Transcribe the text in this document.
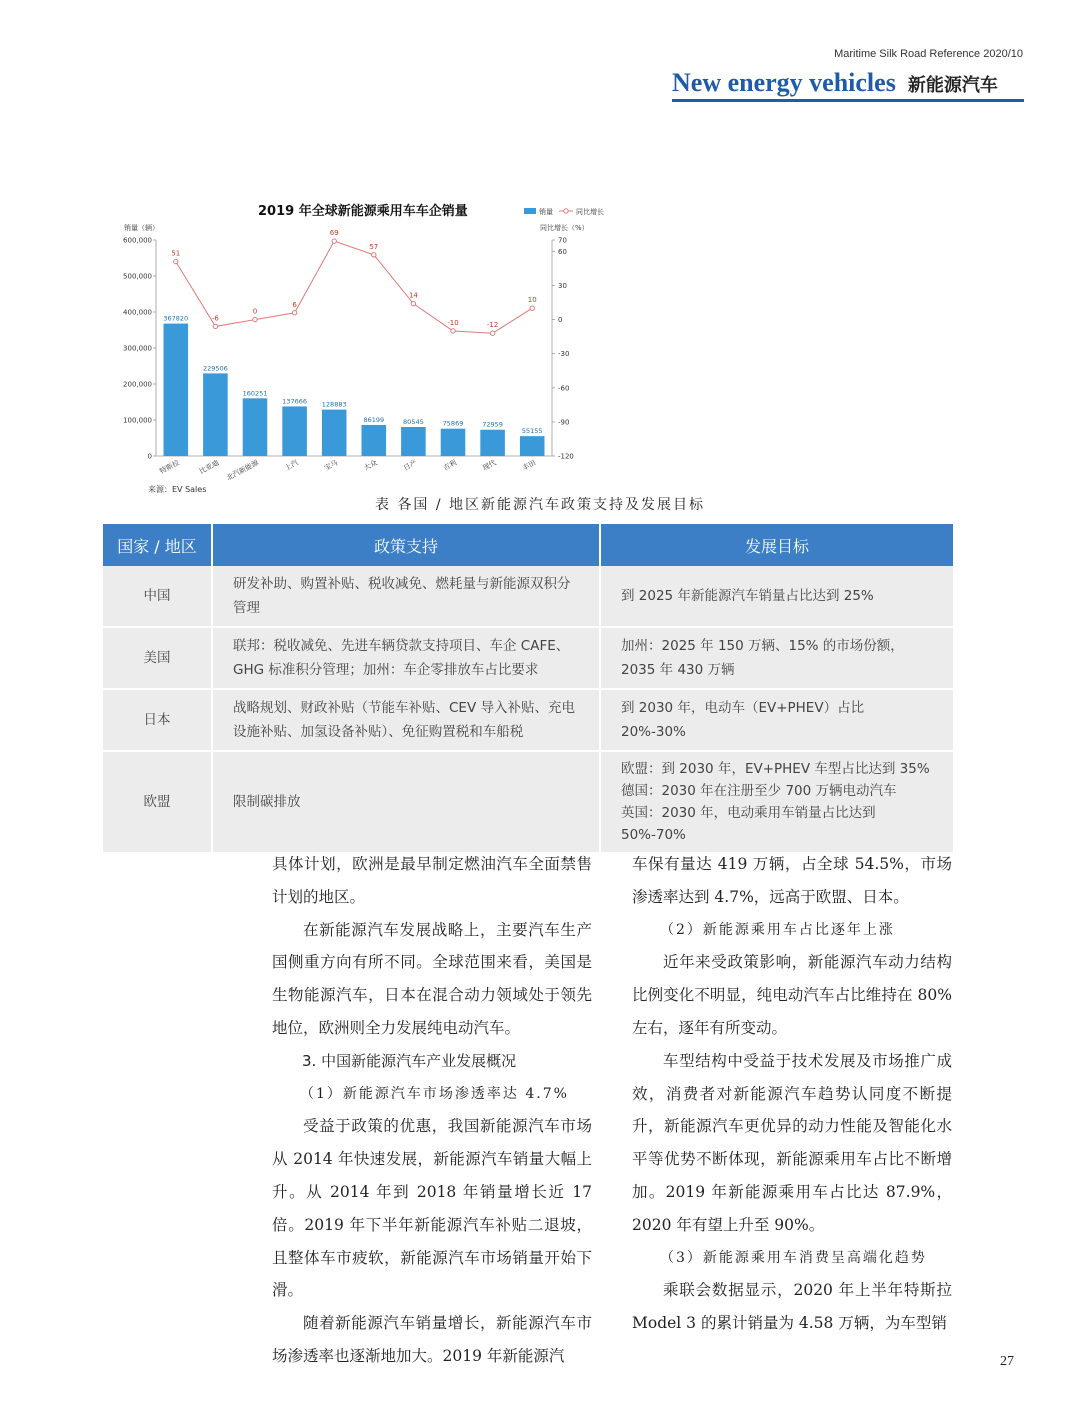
Maritime Silk Road Reference 2020/10
New energy vehicles 新能源汽车
2019 年全球新能源乘用车车企销量	销量	同比增长
销量（辆）	同比增长（%）
0
100,000
200,000
300,000
400,000
500,000
600,000
-120
-90
-60
-30
0
30
60
70
367820
特斯拉
229506
比亚迪
160251
北汽新能源
137666
上汽
128883
宝马
86199
大众
80545
日产
75869
吉利
72959
现代
55155
丰田
51
-6
0
6
69
57
14
-10	-12
10
来源：EV Sales
表 各国 / 地区新能源汽车政策支持及发展目标
国家 / 地区	政策支持	发展目标
中国	研发补助、购置补贴、税收减免、燃耗量与新能源双积分管理	到 2025 年新能源汽车销量占比达到 25%

美国	联邦：税收减免、先进车辆贷款支持项目、车企 CAFE、GHG 标准积分管理；加州：车企零排放车占比要求	加州：2025 年 150 万辆、15% 的市场份额，2035 年 430 万辆

日本	战略规划、财政补贴（节能车补贴、CEV 导入补贴、充电设施补贴、加氢设备补贴）、免征购置税和车船税	到 2030 年，电动车（EV+PHEV）占比 20%-30%

欧盟	限制碳排放	欧盟：到 2030 年，EV+PHEV 车型占比达到 35%
德国：2030 年在注册至少 700 万辆电动汽车
英国：2030 年，电动乘用车销量占比达到 50%-70%

具体计划，欧洲是最早制定燃油汽车全面禁售计划的地区。

在新能源汽车发展战略上，主要汽车生产国侧重方向有所不同。全球范围来看，美国是生物能源汽车，日本在混合动力领域处于领先地位，欧洲则全力发展纯电动汽车。

3. 中国新能源汽车产业发展概况

（1）新能源汽车市场渗透率达 4.7%

受益于政策的优惠，我国新能源汽车市场从 2014 年快速发展，新能源汽车销量大幅上升。从 2014 年到 2018 年销量增长近 17 倍。2019 年下半年新能源汽车补贴二退坡，且整体车市疲软，新能源汽车市场销量开始下滑。

随着新能源汽车销量增长，新能源汽车市场渗透率也逐渐地加大。2019 年新能源汽

车保有量达 419 万辆，占全球 54.5%，市场渗透率达到 4.7%，远高于欧盟、日本。

（2）新能源乘用车占比逐年上涨

近年来受政策影响，新能源汽车动力结构比例变化不明显，纯电动汽车占比维持在 80% 左右，逐年有所变动。

车型结构中受益于技术发展及市场推广成效，消费者对新能源汽车趋势认同度不断提升，新能源汽车更优异的动力性能及智能化水平等优势不断体现，新能源乘用车占比不断增加。2019 年新能源乘用车占比达 87.9%，2020 年有望上升至 90%。

（3）新能源乘用车消费呈高端化趋势

乘联会数据显示，2020 年上半年特斯拉 Model 3 的累计销量为 4.58 万辆，为车型销

27
